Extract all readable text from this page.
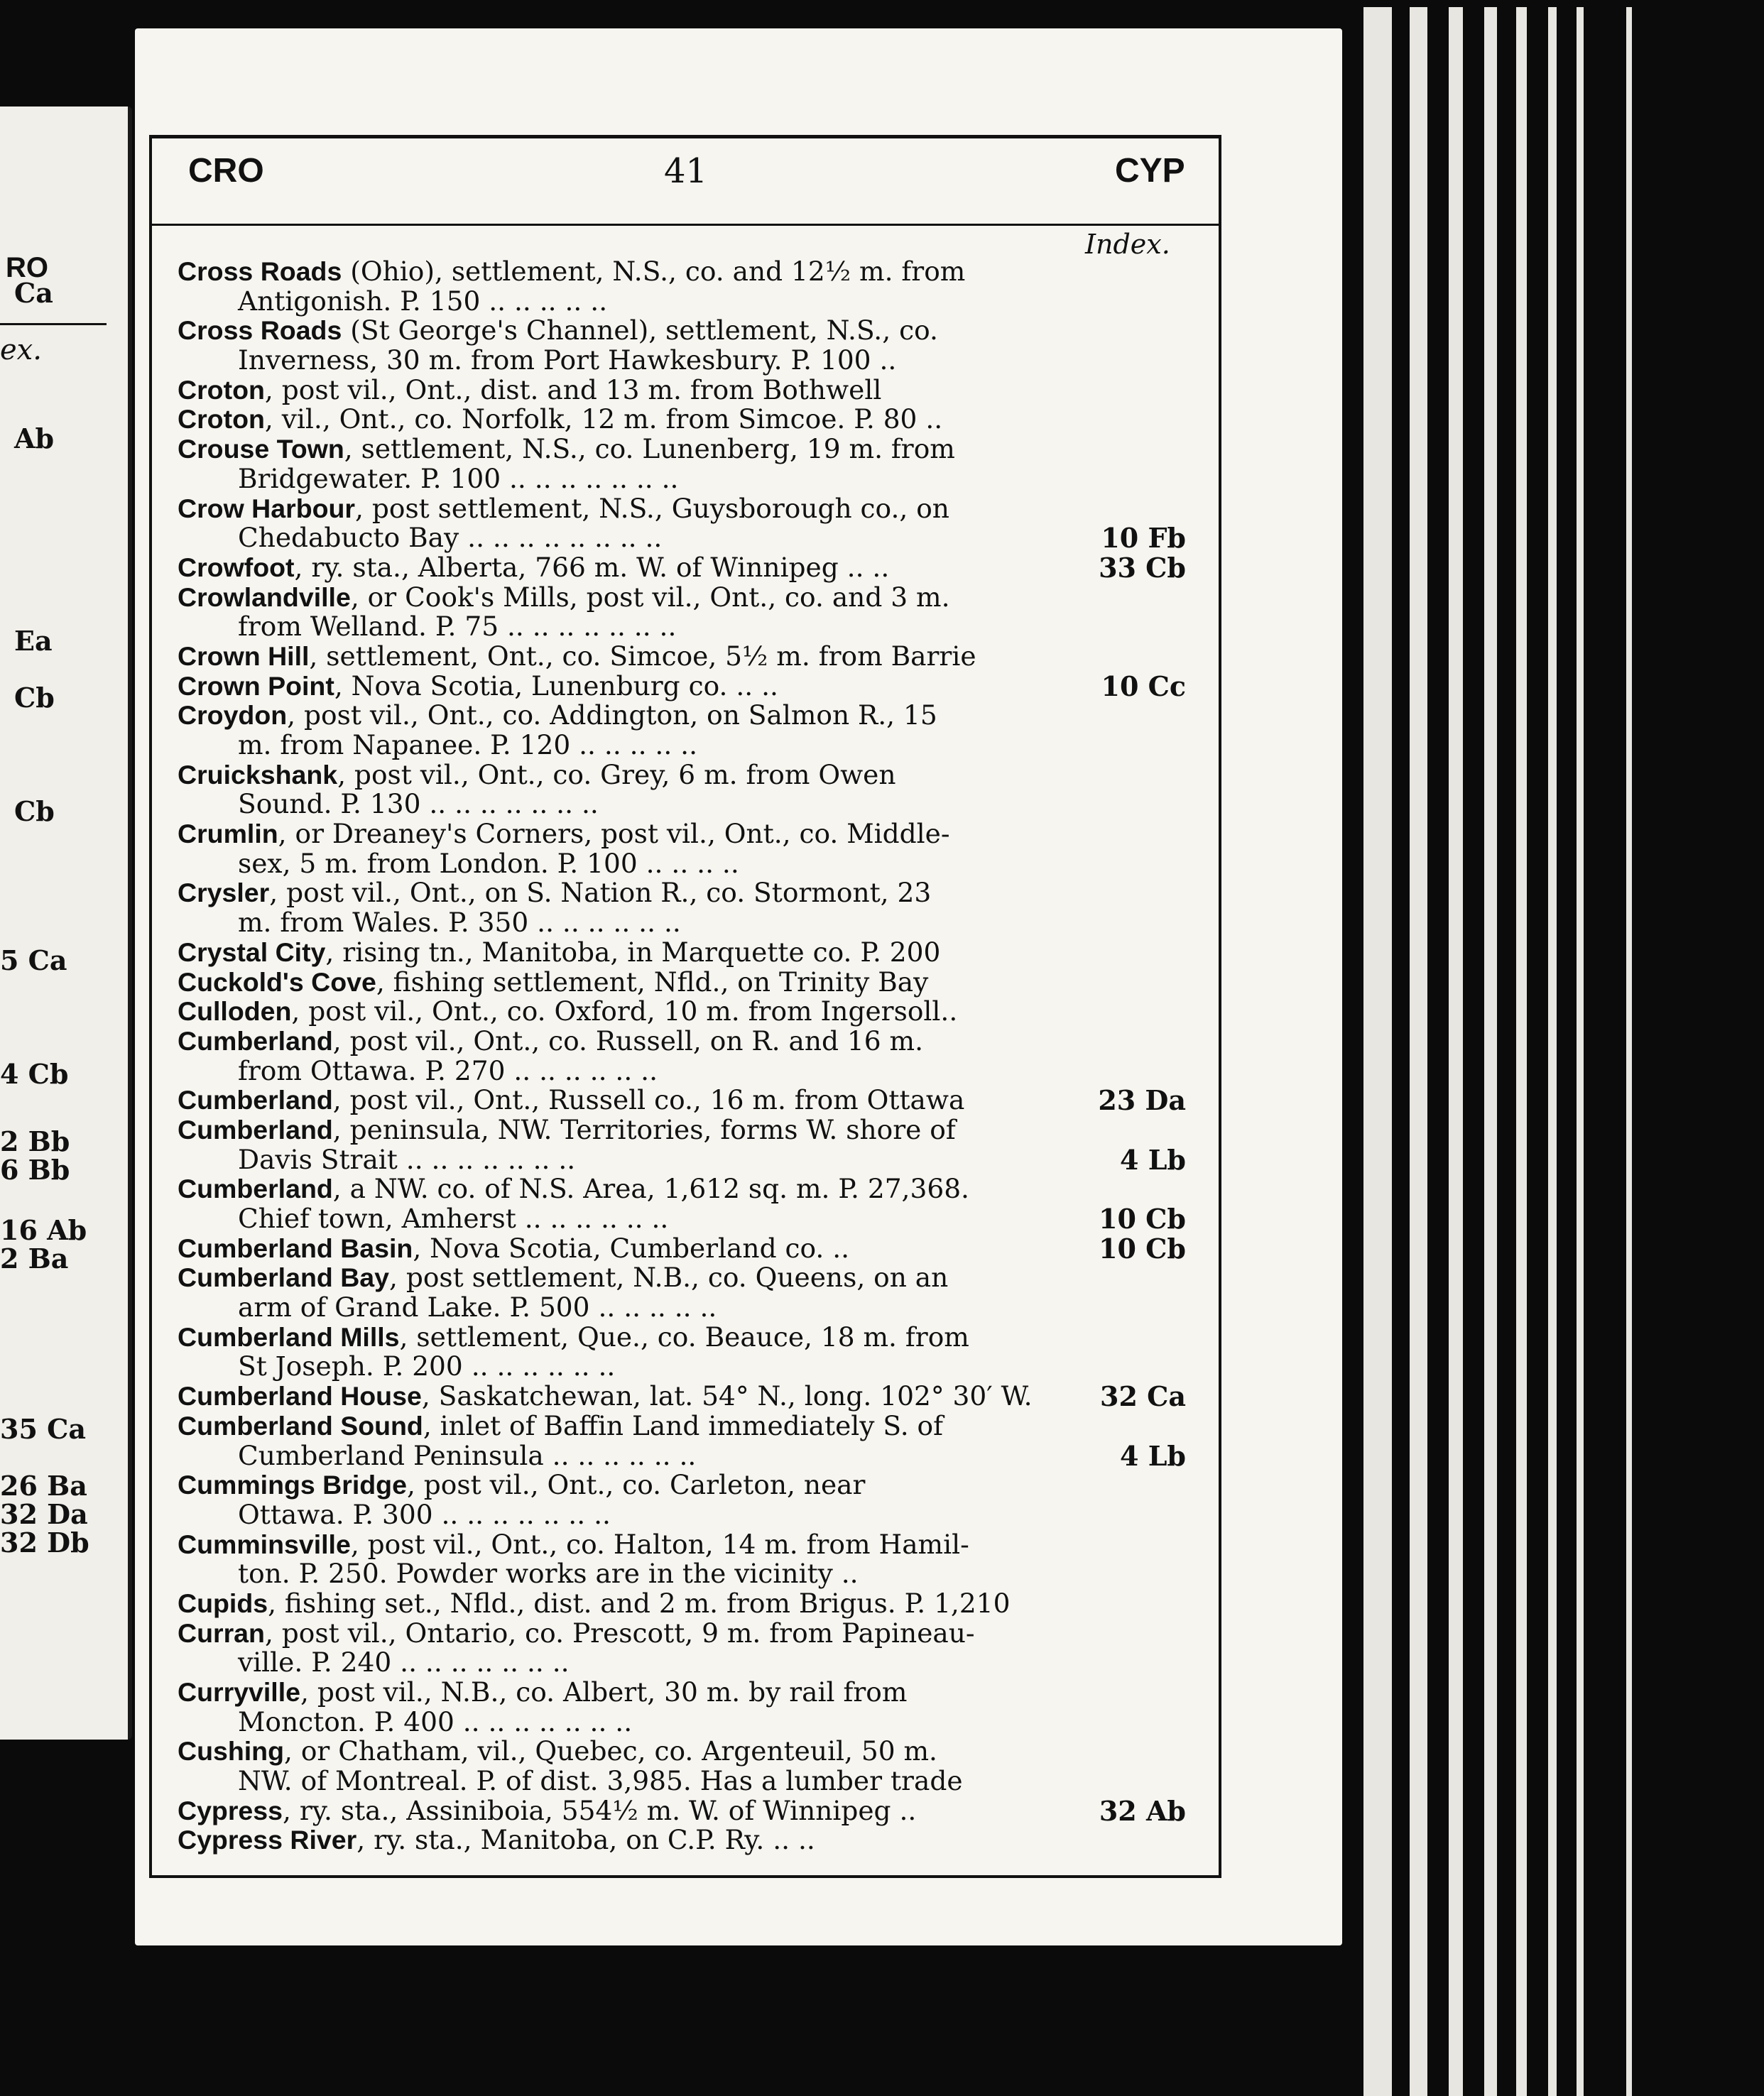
RO
ex.
Ca
Ab
Ea
Cb
Cb
5 Ca
4 Cb
2 Bb
6 Bb
16 Ab
2 Ba
35 Ca
26 Ba
32 Da
32 Db
CRO	41	CYP
Index.
Cross Roads (Ohio), settlement, N.S., co. and 12½ m. from
Antigonish. P. 150 .. .. .. .. ..
Cross Roads (St George's Channel), settlement, N.S., co.
Inverness, 30 m. from Port Hawkesbury. P. 100 ..
Croton, post vil., Ont., dist. and 13 m. from Bothwell
Croton, vil., Ont., co. Norfolk, 12 m. from Simcoe. P. 80 ..
Crouse Town, settlement, N.S., co. Lunenberg, 19 m. from
Bridgewater. P. 100 .. .. .. .. .. .. ..
Crow Harbour, post settlement, N.S., Guysborough co., on
Chedabucto Bay .. .. .. .. .. .. .. ..	10 Fb
Crowfoot, ry. sta., Alberta, 766 m. W. of Winnipeg .. ..	33 Cb
Crowlandville, or Cook's Mills, post vil., Ont., co. and 3 m.
from Welland. P. 75 .. .. .. .. .. .. ..
Crown Hill, settlement, Ont., co. Simcoe, 5½ m. from Barrie
Crown Point, Nova Scotia, Lunenburg co. .. ..	10 Cc
Croydon, post vil., Ont., co. Addington, on Salmon R., 15
m. from Napanee. P. 120 .. .. .. .. ..
Cruickshank, post vil., Ont., co. Grey, 6 m. from Owen
Sound. P. 130 .. .. .. .. .. .. ..
Crumlin, or Dreaney's Corners, post vil., Ont., co. Middle-
sex, 5 m. from London. P. 100 .. .. .. ..
Crysler, post vil., Ont., on S. Nation R., co. Stormont, 23
m. from Wales. P. 350 .. .. .. .. .. ..
Crystal City, rising tn., Manitoba, in Marquette co. P. 200
Cuckold's Cove, fishing settlement, Nfld., on Trinity Bay
Culloden, post vil., Ont., co. Oxford, 10 m. from Ingersoll..
Cumberland, post vil., Ont., co. Russell, on R. and 16 m.
from Ottawa. P. 270 .. .. .. .. .. ..
Cumberland, post vil., Ont., Russell co., 16 m. from Ottawa	23 Da
Cumberland, peninsula, NW. Territories, forms W. shore of
Davis Strait .. .. .. .. .. .. ..	4 Lb
Cumberland, a NW. co. of N.S. Area, 1,612 sq. m. P. 27,368.
Chief town, Amherst .. .. .. .. .. ..	10 Cb
Cumberland Basin, Nova Scotia, Cumberland co. ..	10 Cb
Cumberland Bay, post settlement, N.B., co. Queens, on an
arm of Grand Lake. P. 500 .. .. .. .. ..
Cumberland Mills, settlement, Que., co. Beauce, 18 m. from
St Joseph. P. 200 .. .. .. .. .. ..
Cumberland House, Saskatchewan, lat. 54° N., long. 102° 30′ W.	32 Ca
Cumberland Sound, inlet of Baffin Land immediately S. of
Cumberland Peninsula .. .. .. .. .. ..	4 Lb
Cummings Bridge, post vil., Ont., co. Carleton, near
Ottawa. P. 300 .. .. .. .. .. .. ..
Cumminsville, post vil., Ont., co. Halton, 14 m. from Hamil-
ton. P. 250. Powder works are in the vicinity ..
Cupids, fishing set., Nfld., dist. and 2 m. from Brigus. P. 1,210
Curran, post vil., Ontario, co. Prescott, 9 m. from Papineau-
ville. P. 240 .. .. .. .. .. .. ..
Curryville, post vil., N.B., co. Albert, 30 m. by rail from
Moncton. P. 400 .. .. .. .. .. .. ..
Cushing, or Chatham, vil., Quebec, co. Argenteuil, 50 m.
NW. of Montreal. P. of dist. 3,985. Has a lumber trade
Cypress, ry. sta., Assiniboia, 554½ m. W. of Winnipeg ..	32 Ab
Cypress River, ry. sta., Manitoba, on C.P. Ry. .. ..
